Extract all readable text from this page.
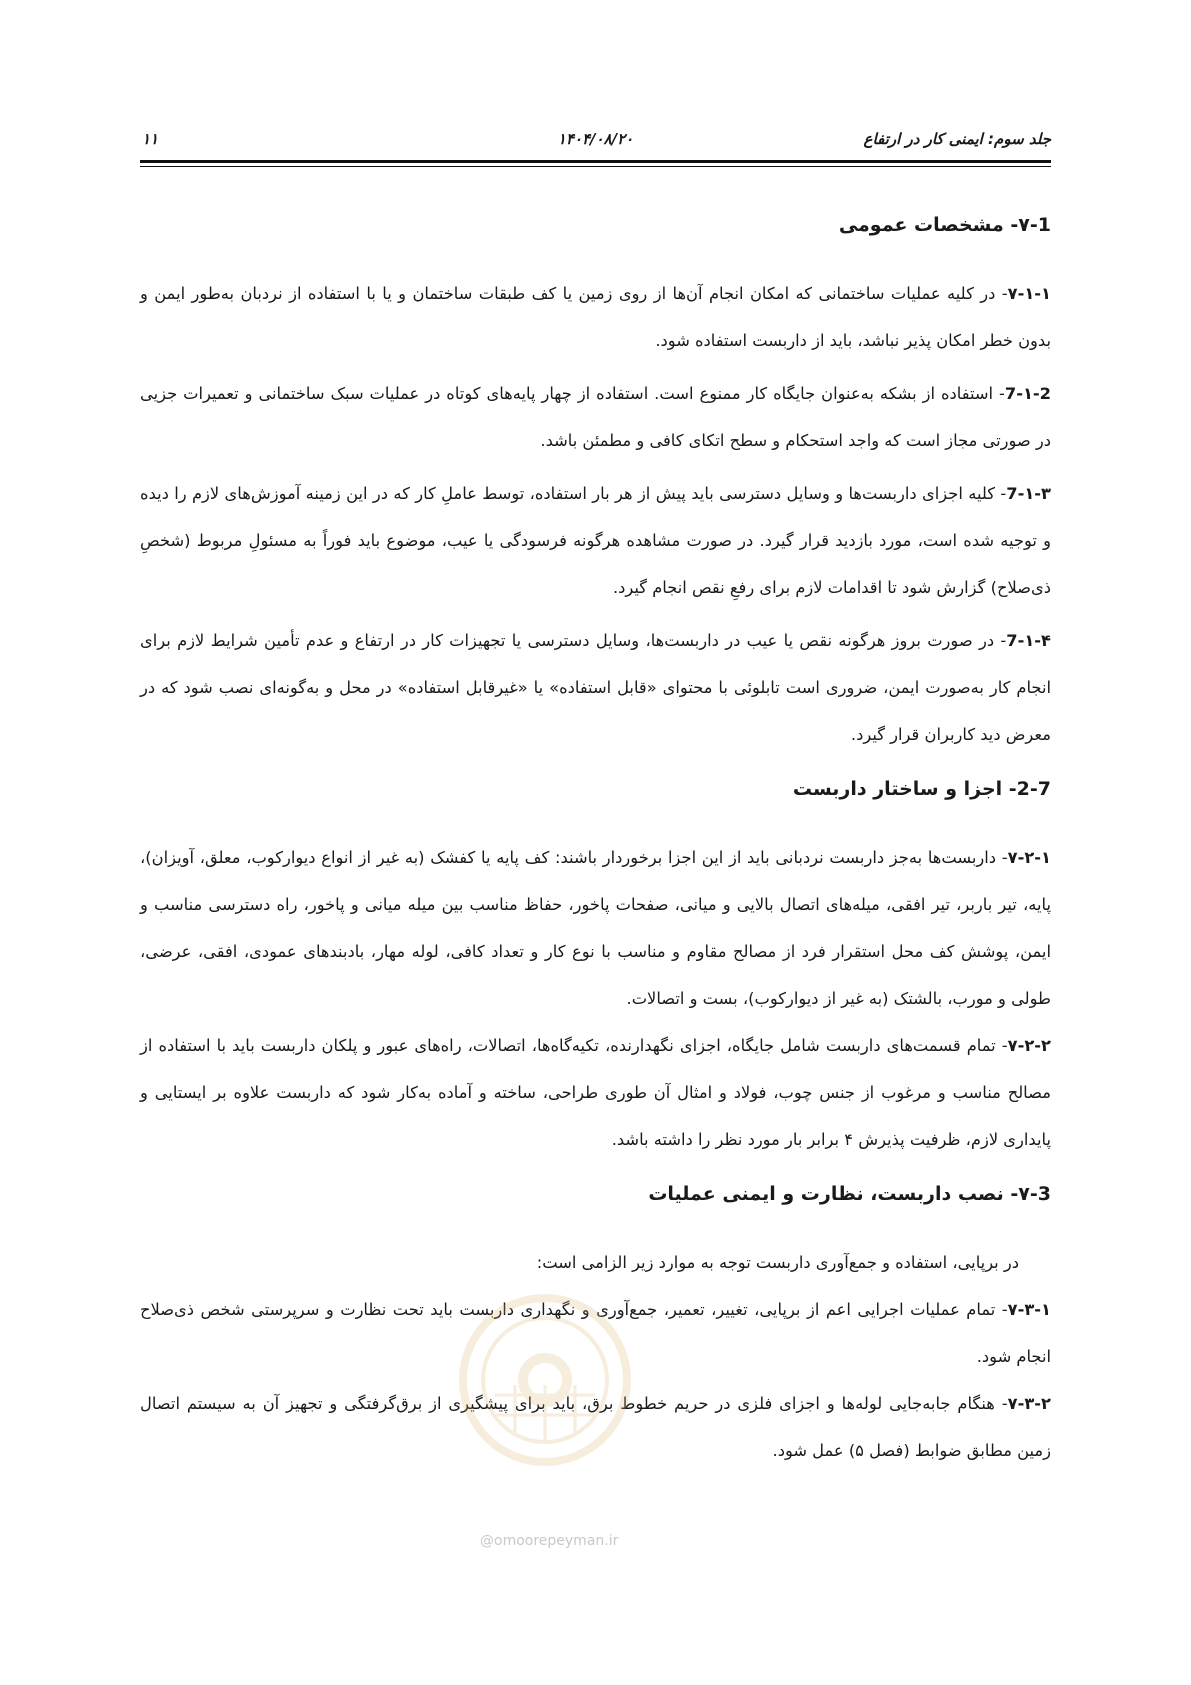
جلد سوم: ایمنی کار در ارتفاع
۱۴۰۴/۰۸/۲۰
۱۱
۷-1- مشخصات عمومی

۷-۱-۱- در کلیه عملیات ساختمانی که امکان انجام آن‌ها از روی زمین یا کف طبقات ساختمان و یا با استفاده از نردبان به‌طور ایمن و بدون خطر امکان پذیر نباشد، باید از داربست استفاده شود.

7-۱-2- استفاده از بشکه به‌عنوان جایگاه کار ممنوع است. استفاده از چهار پایه‌های کوتاه در عملیات سبک ساختمانی و تعمیرات جزیی در صورتی مجاز است که واجد استحکام و سطح اتکای کافی و مطمئن باشد.

7-۱-۳- کلیه اجزای داربست‌ها و وسایل دسترسی باید پیش از هر بار استفاده، توسط عاملِ کار که در این زمینه آموزش‌های لازم را دیده و توجیه شده است، مورد بازدید قرار گیرد. در صورت مشاهده هرگونه فرسودگی یا عیب، موضوع باید فوراً به مسئولِ مربوط (شخصِ ذی‌صلاح) گزارش شود تا اقدامات لازم برای رفعِ نقص انجام گیرد.

7-۱-۴- در صورت بروز هرگونه نقص یا عیب در داربست‌ها، وسایل دسترسی یا تجهیزات کار در ارتفاع و عدم تأمین شرایط لازم برای انجام کار به‌صورت ایمن، ضروری است تابلوئی با محتوای «قابل استفاده» یا «غیرقابل استفاده» در محل و به‌گونه‌ای نصب شود که در معرض دید کاربران قرار گیرد.

2-7- اجزا و ساختار داربست

۷-۲-۱- داربست‌ها به‌جز داربست نردبانی باید از این اجزا برخوردار باشند: کف پایه یا کفشک (به غیر از انواع دیوارکوب، معلق، آویزان)، پایه، تیر باربر، تیر افقی، میله‌های اتصال بالایی و میانی، صفحات پاخور، حفاظ مناسب بین میله میانی و پاخور، راه دسترسی مناسب و ایمن، پوشش کف محل استقرار فرد از مصالح مقاوم و مناسب با نوع کار و تعداد کافی، لوله مهار، بادبندهای عمودی، افقی، عرضی، طولی و مورب، بالشتک (به غیر از دیوارکوب)، بست و اتصالات.

۷-۲-۲- تمام قسمت‌های داربست شامل جایگاه، اجزای نگهدارنده، تکیه‌گاه‌ها، اتصالات، راه‌های عبور و پلکان داربست باید با استفاده از مصالح مناسب و مرغوب از جنس چوب، فولاد و امثال آن طوری طراحی، ساخته و آماده به‌کار شود که داربست علاوه بر ایستایی و پایداری لازم، ظرفیت پذیرش ۴ برابر بار مورد نظر را داشته باشد.

۷-3- نصب داربست، نظارت و ایمنی عملیات

در برپایی، استفاده و جمع‌آوری داربست توجه به موارد زیر الزامی است:

۷-۳-۱- تمام عملیات اجرایی اعم از برپایی، تغییر، تعمیر، جمع‌آوری و نگهداری داربست باید تحت نظارت و سرپرستی شخص ذی‌صلاح انجام شود.

۷-۳-۲- هنگام جابه‌جایی لوله‌ها و اجزای فلزی در حریم خطوط برق، باید برای پیشگیری از برق‌گرفتگی و تجهیز آن به سیستم اتصال زمین مطابق ضوابط (فصل ۵) عمل شود.

@omoorepeyman.ir
